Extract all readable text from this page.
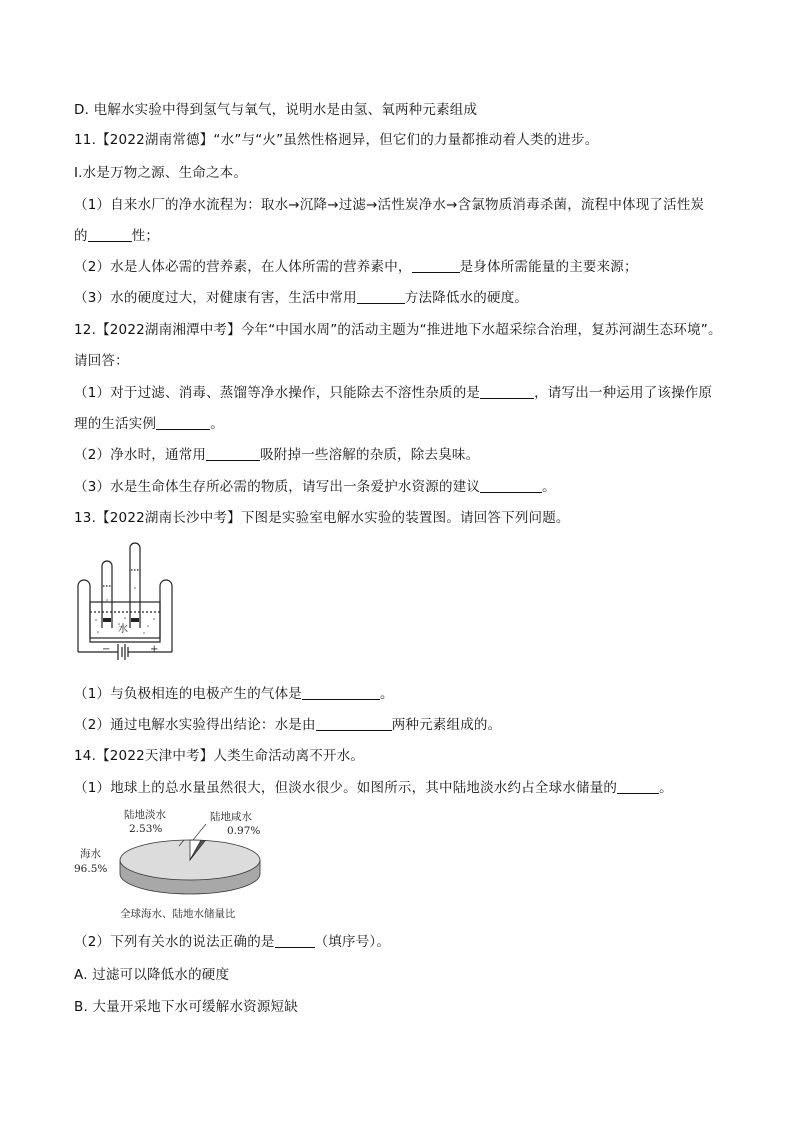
D. 电解水实验中得到氢气与氧气，说明水是由氢、氧两种元素组成
11.【2022湖南常德】“水”与“火”虽然性格迥异，但它们的力量都推动着人类的进步。
Ⅰ.水是万物之源、生命之本。
（1）自来水厂的净水流程为：取水→沉降→过滤→活性炭净水→含氯物质消毒杀菌，流程中体现了活性炭
的	性；
（2）水是人体必需的营养素，在人体所需的营养素中，	是身体所需能量的主要来源；
（3）水的硬度过大，对健康有害，生活中常用	方法降低水的硬度。
12.【2022湖南湘潭中考】今年“中国水周”的活动主题为“推进地下水超采综合治理，复苏河湖生态环境”。
请回答：
（1）对于过滤、消毒、蒸馏等净水操作，只能除去不溶性杂质的是	，请写出一种运用了该操作原
理的生活实例	。
（2）净水时，通常用	吸附掉一些溶解的杂质，除去臭味。
（3）水是生命体生存所必需的物质，请写出一条爱护水资源的建议	。
13.【2022湖南长沙中考】下图是实验室电解水实验的装置图。请回答下列问题。
水
−	+
（1）与负极相连的电极产生的气体是	。
（2）通过电解水实验得出结论：水是由	两种元素组成的。
14.【2022天津中考】人类生命活动离不开水。
（1）地球上的总水量虽然很大，但淡水很少。如图所示，其中陆地淡水约占全球水储量的	。
陆地淡水
2.53%
陆地咸水
0.97%
海水
96.5%
全球海水、陆地水储量比
（2）下列有关水的说法正确的是	（填序号）。
A. 过滤可以降低水的硬度
B. 大量开采地下水可缓解水资源短缺
